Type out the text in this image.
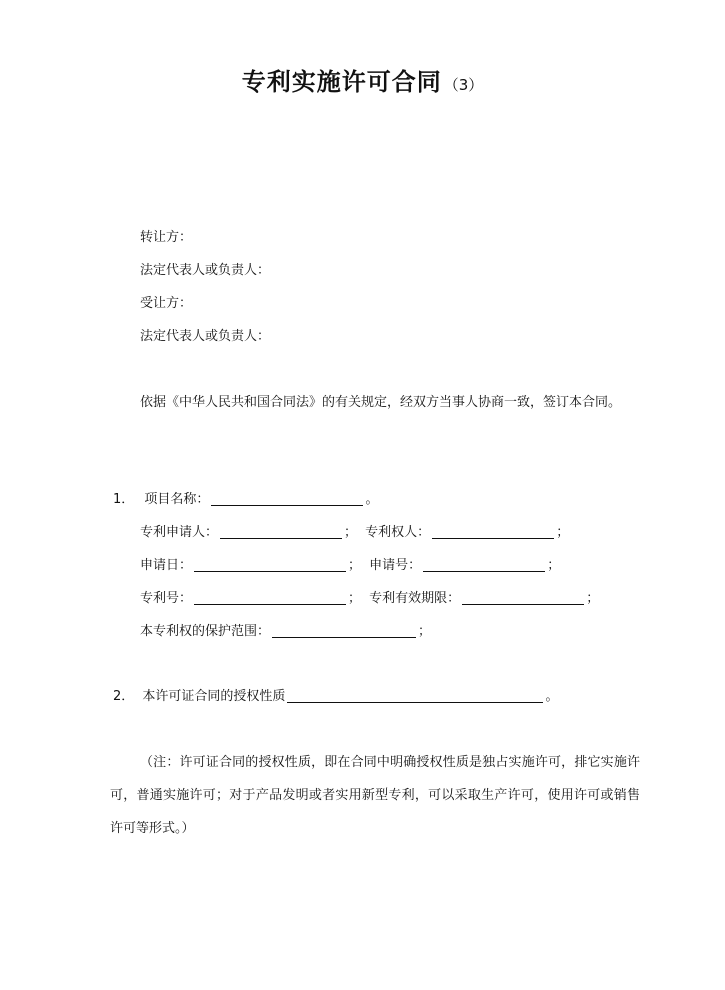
专利实施许可合同 （3）
转让方：
法定代表人或负责人：
受让方：
法定代表人或负责人：

依据《中华人民共和国合同法》的有关规定，经双方当事人协商一致，签订本合同。

1． 项目名称：	。
专利申请人：	； 专利权人：	；
申请日：	； 申请号：	；
专利号：	； 专利有效期限：	；
本专利权的保护范围：	；
2． 本许可证合同的授权性质	。

（注：许可证合同的授权性质，即在合同中明确授权性质是独占实施许可，排它实施许可，普通实施许可；对于产品发明或者实用新型专利，可以采取生产许可，使用许可或销售许可等形式。）
